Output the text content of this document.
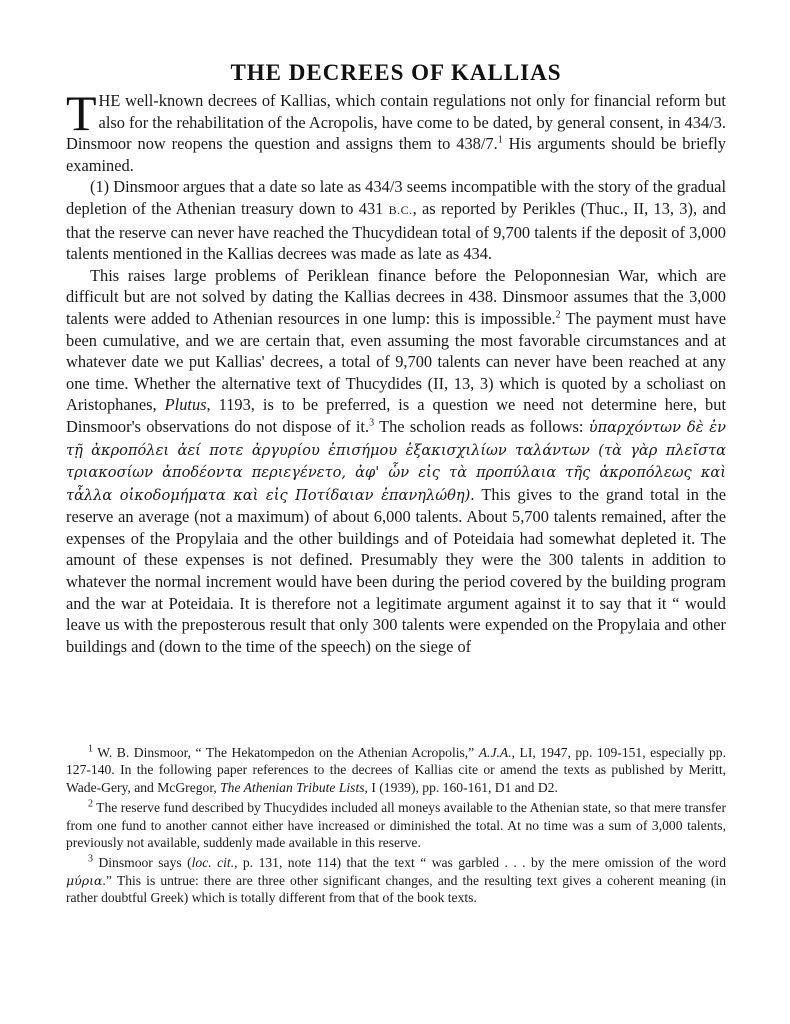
THE DECREES OF KALLIAS

THE well-known decrees of Kallias, which contain regulations not only for financial reform but also for the rehabilitation of the Acropolis, have come to be dated, by general consent, in 434/3. Dinsmoor now reopens the question and assigns them to 438/7.$^1$ His arguments should be briefly examined.

(1) Dinsmoor argues that a date so late as 434/3 seems incompatible with the story of the gradual depletion of the Athenian treasury down to 431 B.C., as reported by Perikles (Thuc., II, 13, 3), and that the reserve can never have reached the Thucydidean total of 9,700 talents if the deposit of 3,000 talents mentioned in the Kallias decrees was made as late as 434.

This raises large problems of Periklean finance before the Peloponnesian War, which are difficult but are not solved by dating the Kallias decrees in 438. Dinsmoor assumes that the 3,000 talents were added to Athenian resources in one lump: this is impossible.$^2$ The payment must have been cumulative, and we are certain that, even assuming the most favorable circumstances and at whatever date we put Kallias' decrees, a total of 9,700 talents can never have been reached at any one time. Whether the alternative text of Thucydides (II, 13, 3) which is quoted by a scholiast on Aristophanes, Plutus, 1193, is to be preferred, is a question we need not determine here, but Dinsmoor's observations do not dispose of it.$^3$ The scholion reads as follows: ὑπαρχόντων δὲ ἐν τῇ ἀκροπόλει ἀεί ποτε ἀργυρίου ἐπισήμου ἑξακισχιλίων ταλάντων (τὰ γὰρ πλεῖστα τριακοσίων ἀποδέοντα περιεγένετο, ἀφ' ὧν εἰς τὰ προπύλαια τῆς ἀκροπόλεως καὶ τἆλλα οἰκοδομήματα καὶ εἰς Ποτίδαιαν ἐπανηλώθη). This gives to the grand total in the reserve an average (not a maximum) of about 6,000 talents. About 5,700 talents remained, after the expenses of the Propylaia and the other buildings and of Poteidaia had somewhat depleted it. The amount of these expenses is not defined. Presumably they were the 300 talents in addition to whatever the normal increment would have been during the period covered by the building program and the war at Poteidaia. It is therefore not a legitimate argument against it to say that it “ would leave us with the preposterous result that only 300 talents were expended on the Propylaia and other buildings and (down to the time of the speech) on the siege of

$^1$ W. B. Dinsmoor, “ The Hekatompedon on the Athenian Acropolis,” A.J.A., LI, 1947, pp. 109-151, especially pp. 127-140. In the following paper references to the decrees of Kallias cite or amend the texts as published by Meritt, Wade-Gery, and McGregor, The Athenian Tribute Lists, I (1939), pp. 160-161, D1 and D2.

$^2$ The reserve fund described by Thucydides included all moneys available to the Athenian state, so that mere transfer from one fund to another cannot either have increased or diminished the total. At no time was a sum of 3,000 talents, previously not available, suddenly made available in this reserve.

$^3$ Dinsmoor says (loc. cit., p. 131, note 114) that the text “ was garbled . . . by the mere omission of the word μύρια.” This is untrue: there are three other significant changes, and the resulting text gives a coherent meaning (in rather doubtful Greek) which is totally different from that of the book texts.
